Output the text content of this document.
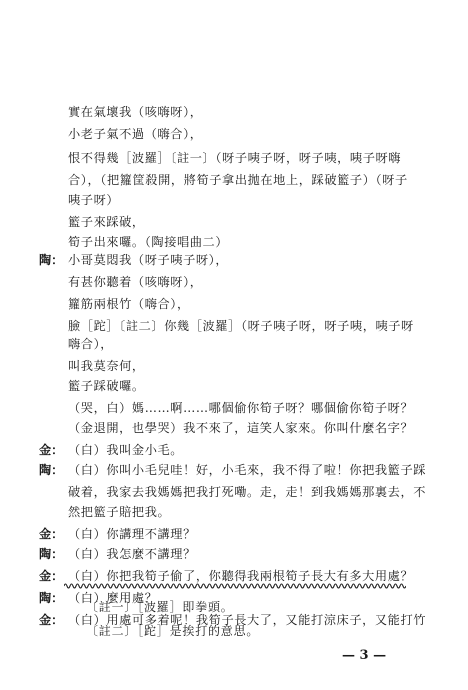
實在氣壞我（咳嗨呀），
小老子氣不過（嗨合），
恨不得幾［波羅］〔註一〕（呀子咦子呀，呀子咦，咦子呀嗨
合），（把籮筐殺開，將筍子拿出拋在地上，踩破籃子）（呀子
咦子呀）
籃子來踩破，
筍子出來囉。（陶接唱曲二）
陶： 小哥莫悶我（呀子咦子呀），
有甚你聽着（咳嗨呀），
籮筋兩根竹（嗨合），
臉［跎］〔註二〕你幾［波羅］（呀子咦子呀，呀子咦，咦子呀
嗨合），
叫我莫奈何，
籃子踩破囉。
（哭，白）媽……啊……哪個偷你筍子呀？哪個偷你筍子呀？
（金退開，也學哭）我不來了，這笑人家來。你叫什麼名字？
金： （白）我叫金小毛。
陶： （白）你叫小毛兒哇！好，小毛來，我不得了啦！你把我籃子踩
破着，我家去我媽媽把我打死嘞。走，走！到我媽媽那裏去，不
然把籃子賠把我。
金： （白）你講理不講理？
陶： （白）我怎麼不講理？
金： （白）你把我筍子偷了，你聽得我兩根筍子長大有多大用處？
陶： （白）麼用處？
金： （白）用處可多着呢！我筍子長大了，又能打涼床子，又能打竹
〔註一〕［波羅］即拳頭。
〔註二〕［跎］是挨打的意思。
— 3 —
